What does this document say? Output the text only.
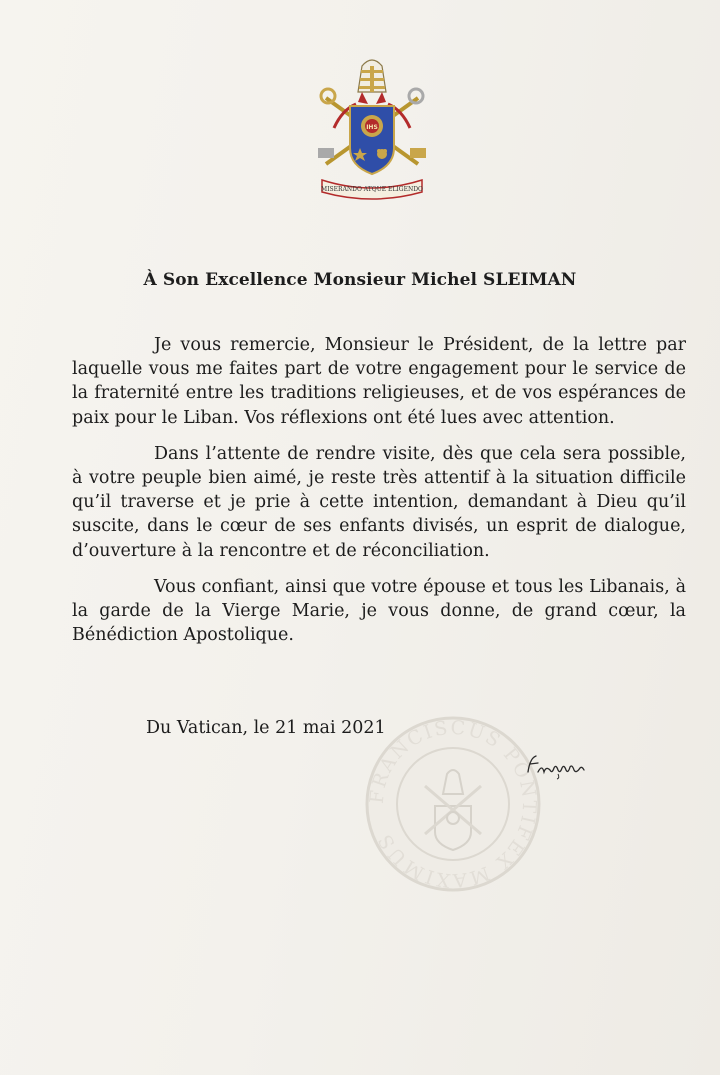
IHS
MISERANDO ATQUE ELIGENDO
À Son Excellence Monsieur Michel SLEIMAN

Je vous remercie, Monsieur le Président, de la lettre par laquelle vous me faites part de votre engagement pour le service de la fraternité entre les traditions religieuses, et de vos espérances de paix pour le Liban. Vos réflexions ont été lues avec attention.

Dans l’attente de rendre visite, dès que cela sera possible, à votre peuple bien aimé, je reste très attentif à la situation difficile qu’il traverse et je prie à cette intention, demandant à Dieu qu’il suscite, dans le cœur de ses enfants divisés, un esprit de dialogue, d’ouverture à la rencontre et de réconciliation.

Vous confiant, ainsi que votre épouse et tous les Libanais, à la garde de la Vierge Marie, je vous donne, de grand cœur, la Bénédiction Apostolique.

Du Vatican, le 21 mai 2021
FRANCISCUS PONTIFEX MAXIMUS
